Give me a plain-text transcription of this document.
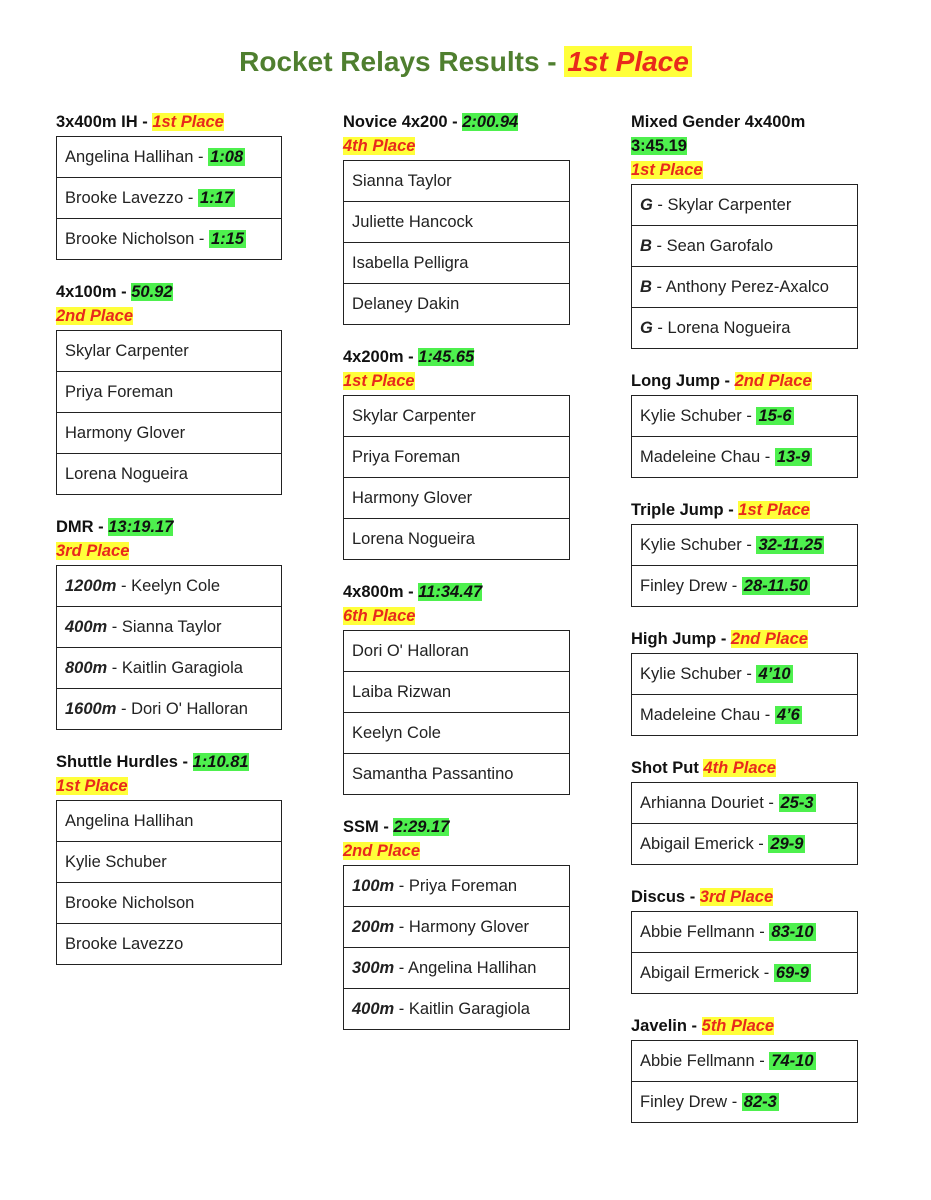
Rocket Relays Results - 1st Place
3x400m IH - 1st Place
Angelina Hallihan - 1:08
Brooke Lavezzo - 1:17
Brooke Nicholson - 1:15
4x100m - 50.92
2nd Place
Skylar Carpenter
Priya Foreman
Harmony Glover
Lorena Nogueira
DMR - 13:19.17
3rd Place
1200m - Keelyn Cole
400m - Sianna Taylor
800m - Kaitlin Garagiola
1600m - Dori O' Halloran
Shuttle Hurdles - 1:10.81
1st Place
Angelina Hallihan
Kylie Schuber
Brooke Nicholson
Brooke Lavezzo
Novice 4x200 - 2:00.94
4th Place
Sianna Taylor
Juliette Hancock
Isabella Pelligra
Delaney Dakin
4x200m - 1:45.65
1st Place
Skylar Carpenter
Priya Foreman
Harmony Glover
Lorena Nogueira
4x800m - 11:34.47
6th Place
Dori O' Halloran
Laiba Rizwan
Keelyn Cole
Samantha Passantino
SSM - 2:29.17
2nd Place
100m - Priya Foreman
200m - Harmony Glover
300m - Angelina Hallihan
400m - Kaitlin Garagiola
Mixed Gender 4x400m
3:45.19
1st Place
G - Skylar Carpenter
B - Sean Garofalo
B - Anthony Perez-Axalco
G - Lorena Nogueira
Long Jump - 2nd Place
Kylie Schuber - 15-6
Madeleine Chau - 13-9
Triple Jump - 1st Place
Kylie Schuber - 32-11.25
Finley Drew - 28-11.50
High Jump - 2nd Place
Kylie Schuber - 4’10
Madeleine Chau - 4’6
Shot Put 4th Place
Arhianna Douriet - 25-3
Abigail Emerick - 29-9
Discus - 3rd Place
Abbie Fellmann - 83-10
Abigail Ermerick - 69-9
Javelin - 5th Place
Abbie Fellmann - 74-10
Finley Drew - 82-3
